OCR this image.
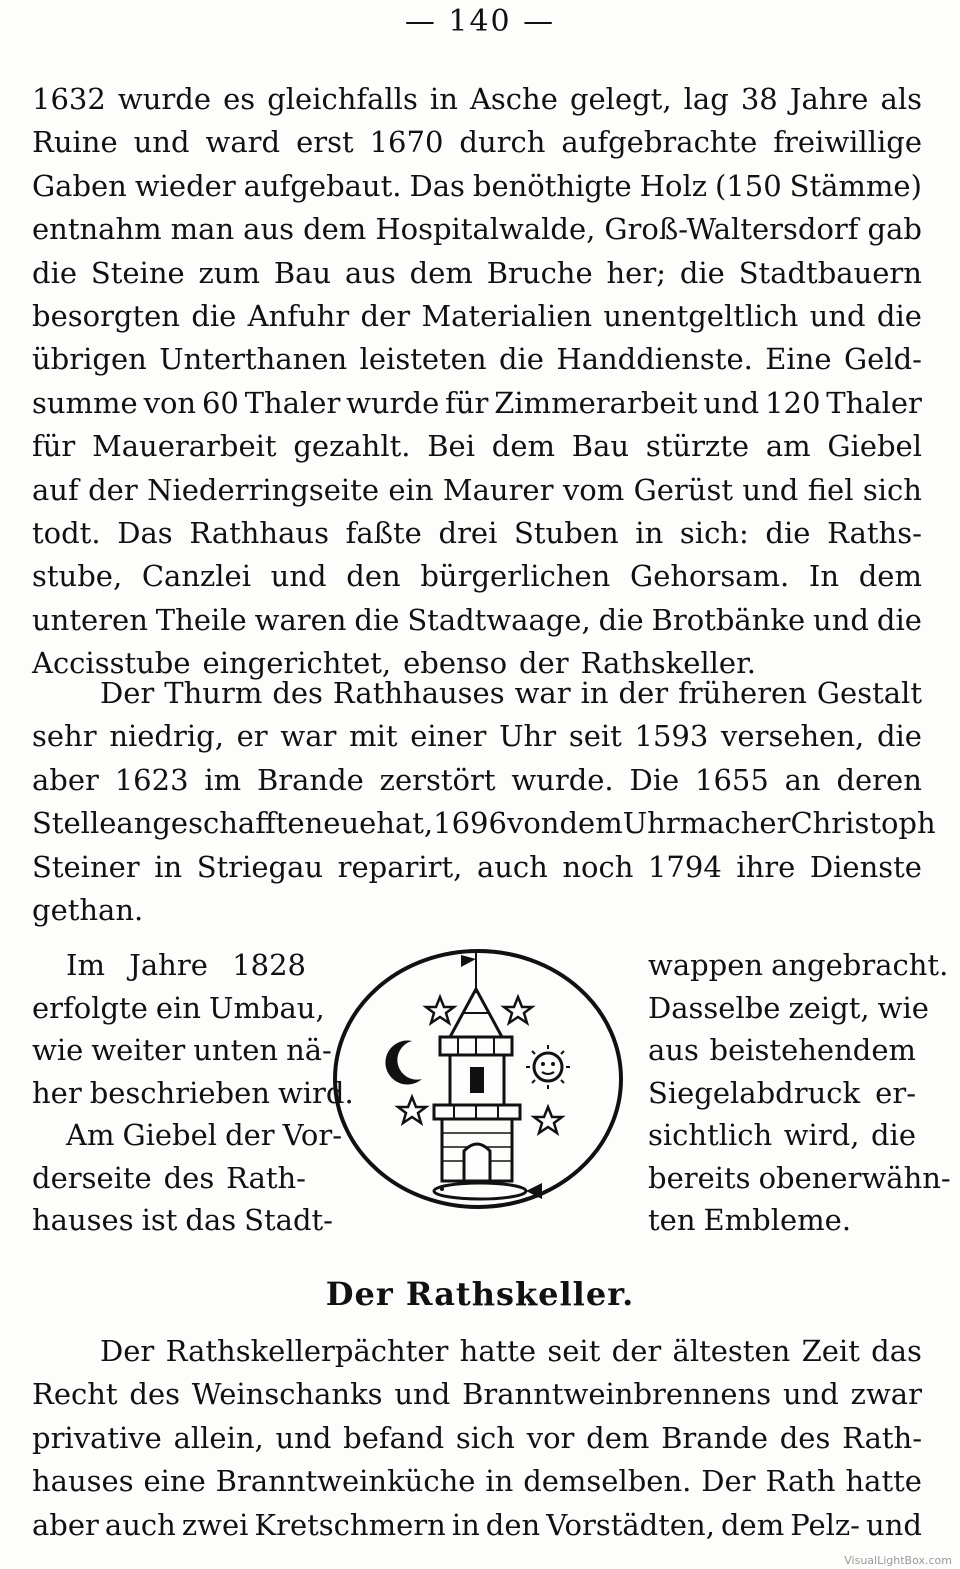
— 140 —
1632 wurde es gleichfalls in Asche gelegt, lag 38 Jahre als
Ruine und ward erst 1670 durch aufgebrachte freiwillige
Gaben wieder aufgebaut. Das benöthigte Holz (150 Stämme)
entnahm man aus dem Hospitalwalde, Groß-Waltersdorf gab
die Steine zum Bau aus dem Bruche her; die Stadtbauern
besorgten die Anfuhr der Materialien unentgeltlich und die
übrigen Unterthanen leisteten die Handdienste. Eine Geld-
summe von 60 Thaler wurde für Zimmerarbeit und 120 Thaler
für Mauerarbeit gezahlt. Bei dem Bau stürzte am Giebel
auf der Niederringseite ein Maurer vom Gerüst und fiel sich
todt. Das Rathhaus faßte drei Stuben in sich: die Raths-
stube, Canzlei und den bürgerlichen Gehorsam. In dem
unteren Theile waren die Stadtwaage, die Brotbänke und die
Accisstube eingerichtet, ebenso der Rathskeller.
Der Thurm des Rathhauses war in der früheren Gestalt
sehr niedrig, er war mit einer Uhr seit 1593 versehen, die
aber 1623 im Brande zerstört wurde. Die 1655 an deren
Stelle angeschaffte neue hat, 1696 von dem Uhrmacher Christoph
Steiner in Striegau reparirt, auch noch 1794 ihre Dienste
gethan.
Im Jahre 1828
erfolgte ein Umbau,
wie weiter unten nä-
her beschrieben wird.
Am Giebel der Vor-
derseite des Rath-
hauses ist das Stadt-
wappen angebracht.
Dasselbe zeigt, wie
aus beistehendem
Siegelabdruck er-
sichtlich wird, die
bereits obenerwähn-
ten Embleme.
Der Rathskeller.
Der Rathskellerpächter hatte seit der ältesten Zeit das
Recht des Weinschanks und Branntweinbrennens und zwar
privative allein, und befand sich vor dem Brande des Rath-
hauses eine Branntweinküche in demselben. Der Rath hatte
aber auch zwei Kretschmern in den Vorstädten, dem Pelz- und
VisualLightBox.com
